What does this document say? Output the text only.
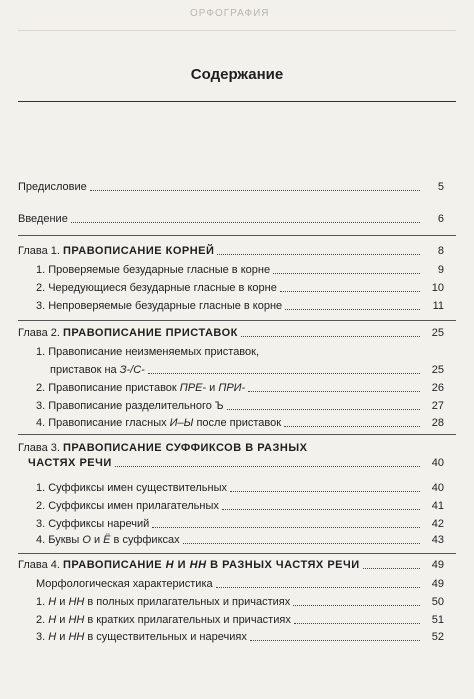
ОРФОГРАФИЯ
Содержание
Предисловие	5
Введение	6
Глава 1. ПРАВОПИСАНИЕ КОРНЕЙ	8
1. Проверяемые безударные гласные в корне	9
2. Чередующиеся безударные гласные в корне	10
3. Непроверяемые безударные гласные в корне	11
Глава 2. ПРАВОПИСАНИЕ ПРИСТАВОК	25
1. Правописание неизменяемых приставок,
приставок на З-/С-	25
2. Правописание приставок ПРЕ- и ПРИ-	26
3. Правописание разделительного Ъ	27
4. Правописание гласных И–Ы после приставок	28
Глава 3. ПРАВОПИСАНИЕ СУФФИКСОВ В РАЗНЫХ
ЧАСТЯХ РЕЧИ	40
1. Суффиксы имен существительных	40
2. Суффиксы имен прилагательных	41
3. Суффиксы наречий	42
4. Буквы О и Ё в суффиксах	43
Глава 4. ПРАВОПИСАНИЕ Н И НН В РАЗНЫХ ЧАСТЯХ РЕЧИ	49
Морфологическая характеристика	49
1. Н и НН в полных прилагательных и причастиях	50
2. Н и НН в кратких прилагательных и причастиях	51
3. Н и НН в существительных и наречиях	52
